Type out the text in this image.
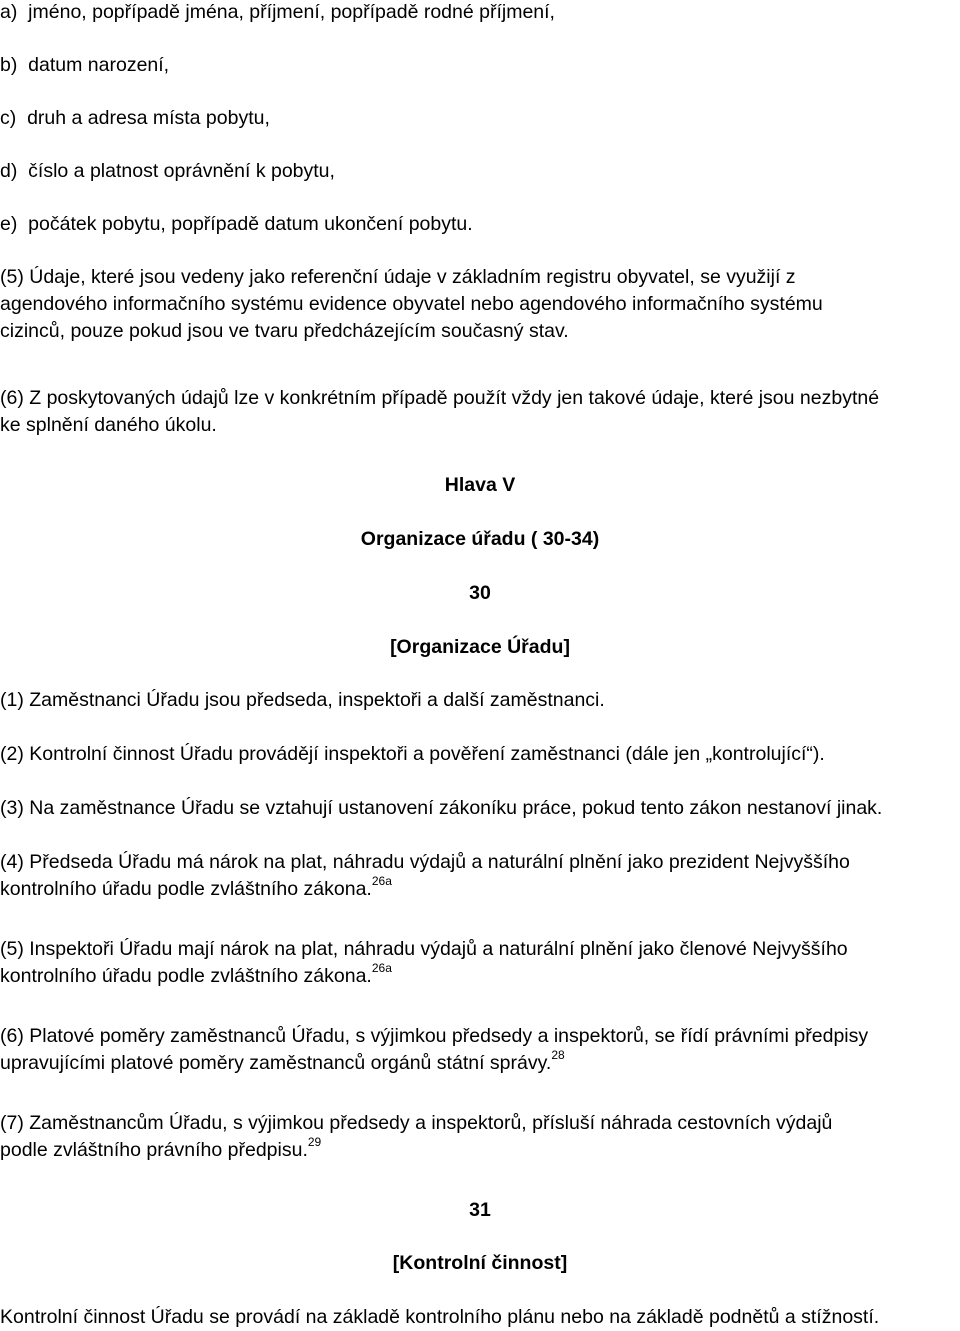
a)  jméno, popřípadě jména, příjmení, popřípadě rodné příjmení,

b)  datum narození,

c)  druh a adresa místa pobytu,

d)  číslo a platnost oprávnění k pobytu,

e)  počátek pobytu, popřípadě datum ukončení pobytu.

(5) Údaje, které jsou vedeny jako referenční údaje v základním registru obyvatel, se využijí z
agendového informačního systému evidence obyvatel nebo agendového informačního systému
cizinců, pouze pokud jsou ve tvaru předcházejícím současný stav.
(6) Z poskytovaných údajů lze v konkrétním případě použít vždy jen takové údaje, které jsou nezbytné
ke splnění daného úkolu.

Hlava V

Organizace úřadu ( 30-34)

30

[Organizace Úřadu]

(1) Zaměstnanci Úřadu jsou předseda, inspektoři a další zaměstnanci.

(2) Kontrolní činnost Úřadu provádějí inspektoři a pověření zaměstnanci (dále jen „kontrolující“).

(3) Na zaměstnance Úřadu se vztahují ustanovení zákoníku práce, pokud tento zákon nestanoví jinak.

(4) Předseda Úřadu má nárok na plat, náhradu výdajů a naturální plnění jako prezident Nejvyššího
kontrolního úřadu podle zvláštního zákona.$^{26a}$
(5) Inspektoři Úřadu mají nárok na plat, náhradu výdajů a naturální plnění jako členové Nejvyššího
kontrolního úřadu podle zvláštního zákona.$^{26a}$
(6) Platové poměry zaměstnanců Úřadu, s výjimkou předsedy a inspektorů, se řídí právními předpisy
upravujícími platové poměry zaměstnanců orgánů státní správy.$^{28}$
(7) Zaměstnancům Úřadu, s výjimkou předsedy a inspektorů, přísluší náhrada cestovních výdajů
podle zvláštního právního předpisu.$^{29}$

31

[Kontrolní činnost]

Kontrolní činnost Úřadu se provádí na základě kontrolního plánu nebo na základě podnětů a stížností.
